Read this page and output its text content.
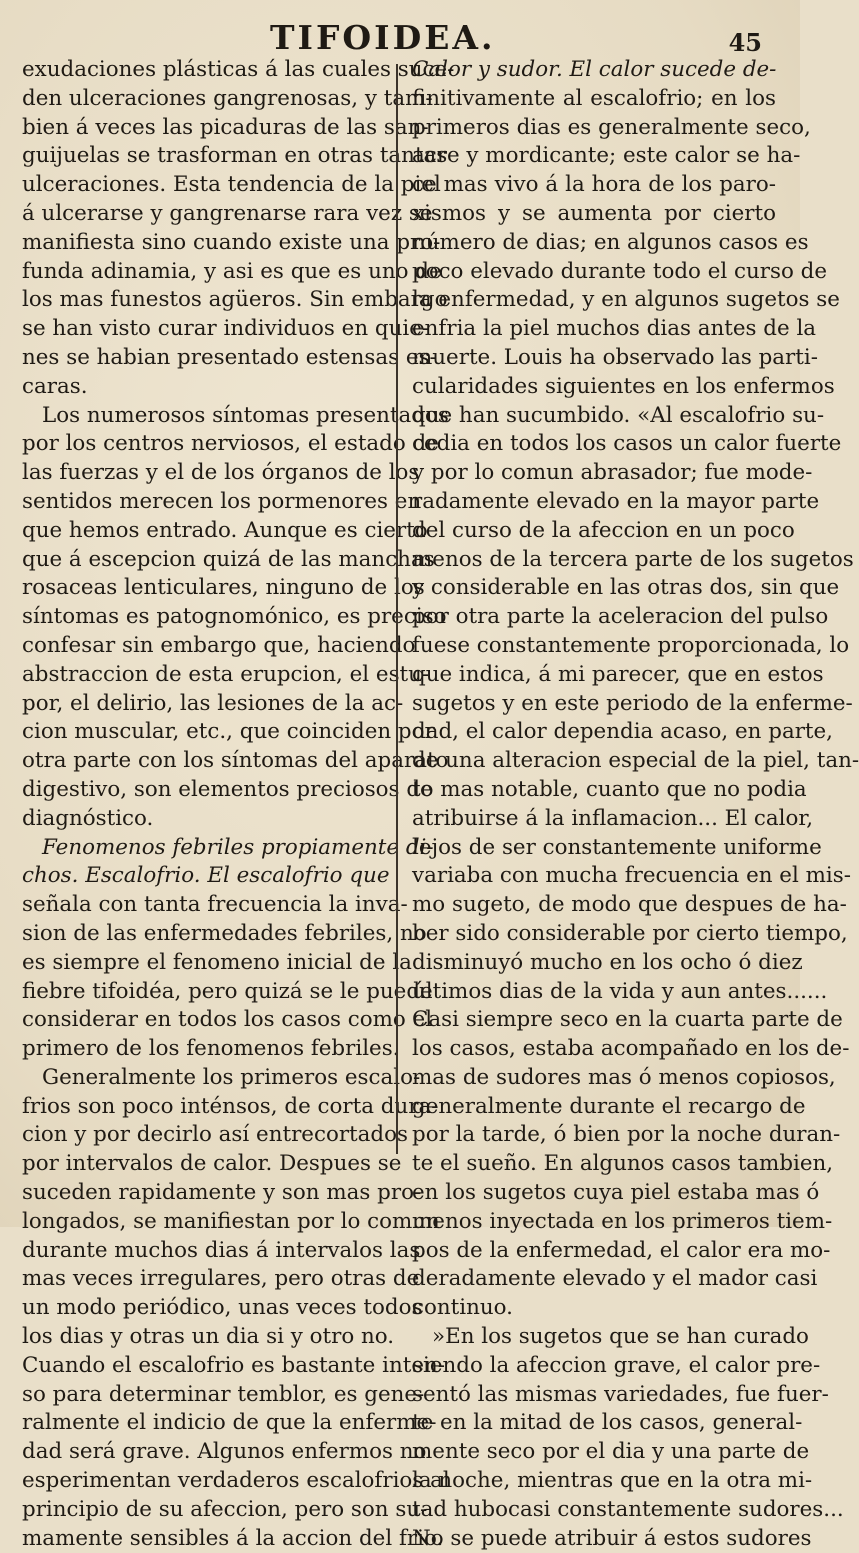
TIFOIDEA.	45
exudaciones plásticas á las cuales suce-
den ulceraciones gangrenosas, y tam-
bien á veces las picaduras de las san-
guijuelas se trasforman en otras tantas
ulceraciones. Esta tendencia de la piel
á ulcerarse y gangrenarse rara vez se
manifiesta sino cuando existe una pro-
funda adinamia, y asi es que es uno de
los mas funestos agüeros. Sin embargo
se han visto curar individuos en quie-
nes se habian presentado estensas es-
caras.
Los numerosos síntomas presentados
por los centros nerviosos, el estado de
las fuerzas y el de los órganos de los
sentidos merecen los pormenores en
que hemos entrado. Aunque es cierto
que á escepcion quizá de las manchas
rosaceas lenticulares, ninguno de los
síntomas es patognomónico, es preciso
confesar sin embargo que, haciendo
abstraccion de esta erupcion, el estu-
por, el delirio, las lesiones de la ac-
cion muscular, etc., que coinciden por
otra parte con los síntomas del aparato
digestivo, son elementos preciosos de
diagnóstico.
Fenomenos febriles propiamente di-
chos. Escalofrio. El escalofrio que
señala con tanta frecuencia la inva-
sion de las enfermedades febriles, no
es siempre el fenomeno inicial de la
fiebre tifoidéa, pero quizá se le puede
considerar en todos los casos como el
primero de los fenomenos febriles.
Generalmente los primeros escalo-
frios son poco inténsos, de corta dura-
cion y por decirlo así entrecortados
por intervalos de calor. Despues se
suceden rapidamente y son mas pro-
longados, se manifiestan por lo comun
durante muchos dias á intervalos las
mas veces irregulares, pero otras de
un modo periódico, unas veces todos
los dias y otras un dia si y otro no.
Cuando el escalofrio es bastante inten-
so para determinar temblor, es gene-
ralmente el indicio de que la enferme-
dad será grave. Algunos enfermos no
esperimentan verdaderos escalofrios al
principio de su afeccion, pero son su-
mamente sensibles á la accion del frio.
Calor y sudor. El calor sucede de-
finitivamente al escalofrio; en los
primeros dias es generalmente seco,
acre y mordicante; este calor se ha-
ce mas vivo á la hora de los paro-
xismos y se aumenta por cierto
número de dias; en algunos casos es
poco elevado durante todo el curso de
la enfermedad, y en algunos sugetos se
enfria la piel muchos dias antes de la
muerte. Louis ha observado las parti-
cularidades siguientes en los enfermos
que han sucumbido. «Al escalofrio su-
cedia en todos los casos un calor fuerte
y por lo comun abrasador; fue mode-
radamente elevado en la mayor parte
del curso de la afeccion en un poco
menos de la tercera parte de los sugetos
y considerable en las otras dos, sin que
por otra parte la aceleracion del pulso
fuese constantemente proporcionada, lo
que indica, á mi parecer, que en estos
sugetos y en este periodo de la enferme-
dad, el calor dependia acaso, en parte,
de una alteracion especial de la piel, tan-
to mas notable, cuanto que no podia
atribuirse á la inflamacion... El calor,
lejos de ser constantemente uniforme
variaba con mucha frecuencia en el mis-
mo sugeto, de modo que despues de ha-
ber sido considerable por cierto tiempo,
disminuyó mucho en los ocho ó diez
últimos dias de la vida y aun antes......
Casi siempre seco en la cuarta parte de
los casos, estaba acompañado en los de-
mas de sudores mas ó menos copiosos,
generalmente durante el recargo de
por la tarde, ó bien por la noche duran-
te el sueño. En algunos casos tambien,
en los sugetos cuya piel estaba mas ó
menos inyectada en los primeros tiem-
pos de la enfermedad, el calor era mo-
deradamente elevado y el mador casi
continuo.
»En los sugetos que se han curado
siendo la afeccion grave, el calor pre-
sentó las mismas variedades, fue fuer-
te en la mitad de los casos, general-
mente seco por el dia y una parte de
la noche, mientras que en la otra mi-
tad hubocasi constantemente sudores...
No se puede atribuir á estos sudores
